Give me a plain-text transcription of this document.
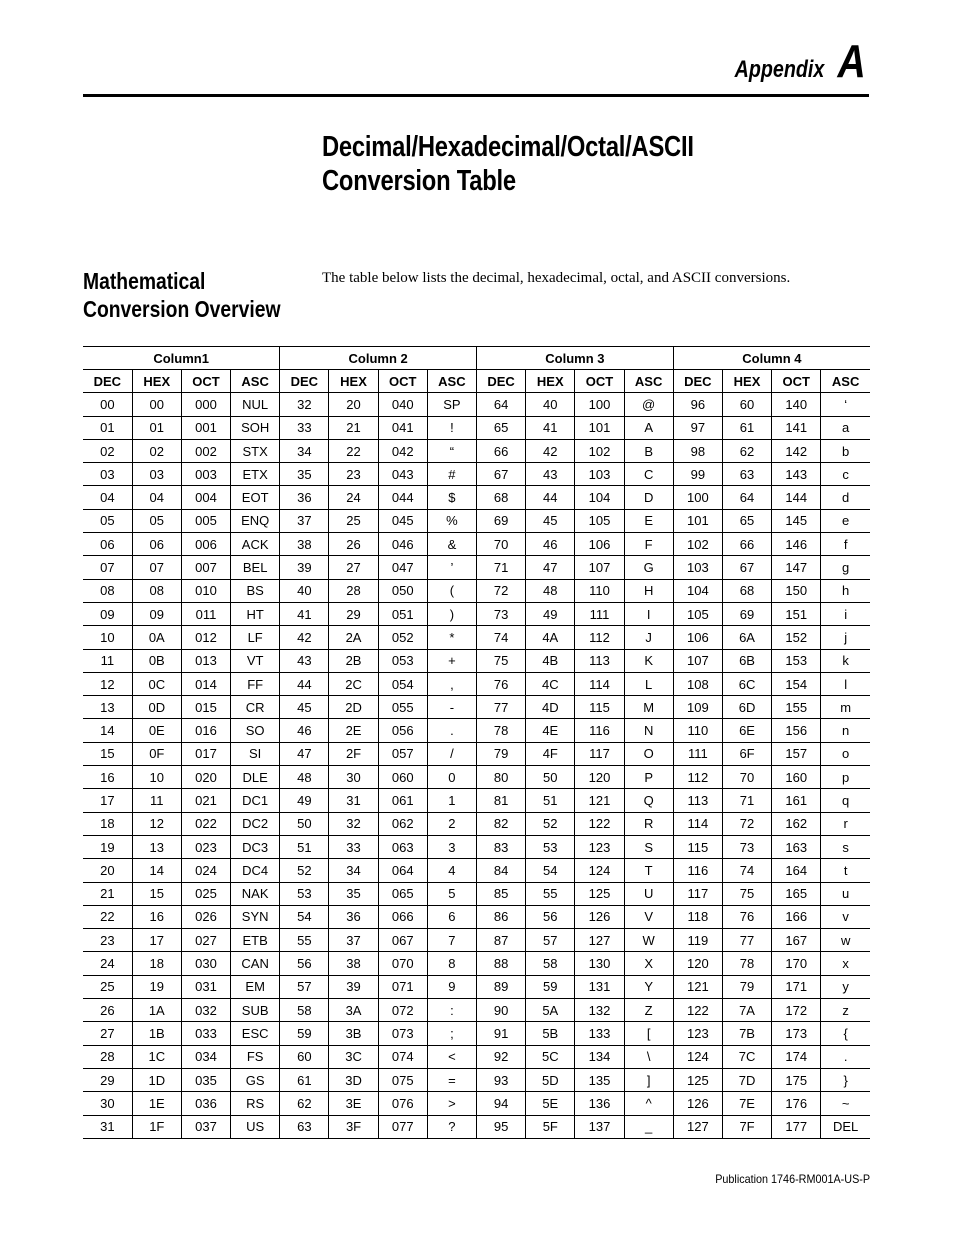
Appendix A
Decimal/Hexadecimal/Octal/ASCII
Conversion Table
Mathematical
Conversion Overview
The table below lists the decimal, hexadecimal, octal, and ASCII conversions.
Column1				Column 2				Column 3				Column 4			
DEC	HEX	OCT	ASC	DEC	HEX	OCT	ASC	DEC	HEX	OCT	ASC	DEC	HEX	OCT	ASC
00	00	000	NUL	32	20	040	SP	64	40	100	@	96	60	140	‘
01	01	001	SOH	33	21	041	!	65	41	101	A	97	61	141	a
02	02	002	STX	34	22	042	“	66	42	102	B	98	62	142	b
03	03	003	ETX	35	23	043	#	67	43	103	C	99	63	143	c
04	04	004	EOT	36	24	044	$	68	44	104	D	100	64	144	d
05	05	005	ENQ	37	25	045	%	69	45	105	E	101	65	145	e
06	06	006	ACK	38	26	046	&	70	46	106	F	102	66	146	f
07	07	007	BEL	39	27	047	’	71	47	107	G	103	67	147	g
08	08	010	BS	40	28	050	(	72	48	110	H	104	68	150	h
09	09	011	HT	41	29	051	)	73	49	111	I	105	69	151	i
10	0A	012	LF	42	2A	052	*	74	4A	112	J	106	6A	152	j
11	0B	013	VT	43	2B	053	+	75	4B	113	K	107	6B	153	k
12	0C	014	FF	44	2C	054	,	76	4C	114	L	108	6C	154	l
13	0D	015	CR	45	2D	055	-	77	4D	115	M	109	6D	155	m
14	0E	016	SO	46	2E	056	.	78	4E	116	N	110	6E	156	n
15	0F	017	SI	47	2F	057	/	79	4F	117	O	111	6F	157	o
16	10	020	DLE	48	30	060	0	80	50	120	P	112	70	160	p
17	11	021	DC1	49	31	061	1	81	51	121	Q	113	71	161	q
18	12	022	DC2	50	32	062	2	82	52	122	R	114	72	162	r
19	13	023	DC3	51	33	063	3	83	53	123	S	115	73	163	s
20	14	024	DC4	52	34	064	4	84	54	124	T	116	74	164	t
21	15	025	NAK	53	35	065	5	85	55	125	U	117	75	165	u
22	16	026	SYN	54	36	066	6	86	56	126	V	118	76	166	v
23	17	027	ETB	55	37	067	7	87	57	127	W	119	77	167	w
24	18	030	CAN	56	38	070	8	88	58	130	X	120	78	170	x
25	19	031	EM	57	39	071	9	89	59	131	Y	121	79	171	y
26	1A	032	SUB	58	3A	072	:	90	5A	132	Z	122	7A	172	z
27	1B	033	ESC	59	3B	073	;	91	5B	133	[	123	7B	173	{
28	1C	034	FS	60	3C	074	<	92	5C	134	\	124	7C	174	.
29	1D	035	GS	61	3D	075	=	93	5D	135	]	125	7D	175	}
30	1E	036	RS	62	3E	076	>	94	5E	136	^	126	7E	176	~
31	1F	037	US	63	3F	077	?	95	5F	137	_	127	7F	177	DEL
Publication 1746-RM001A-US-P
